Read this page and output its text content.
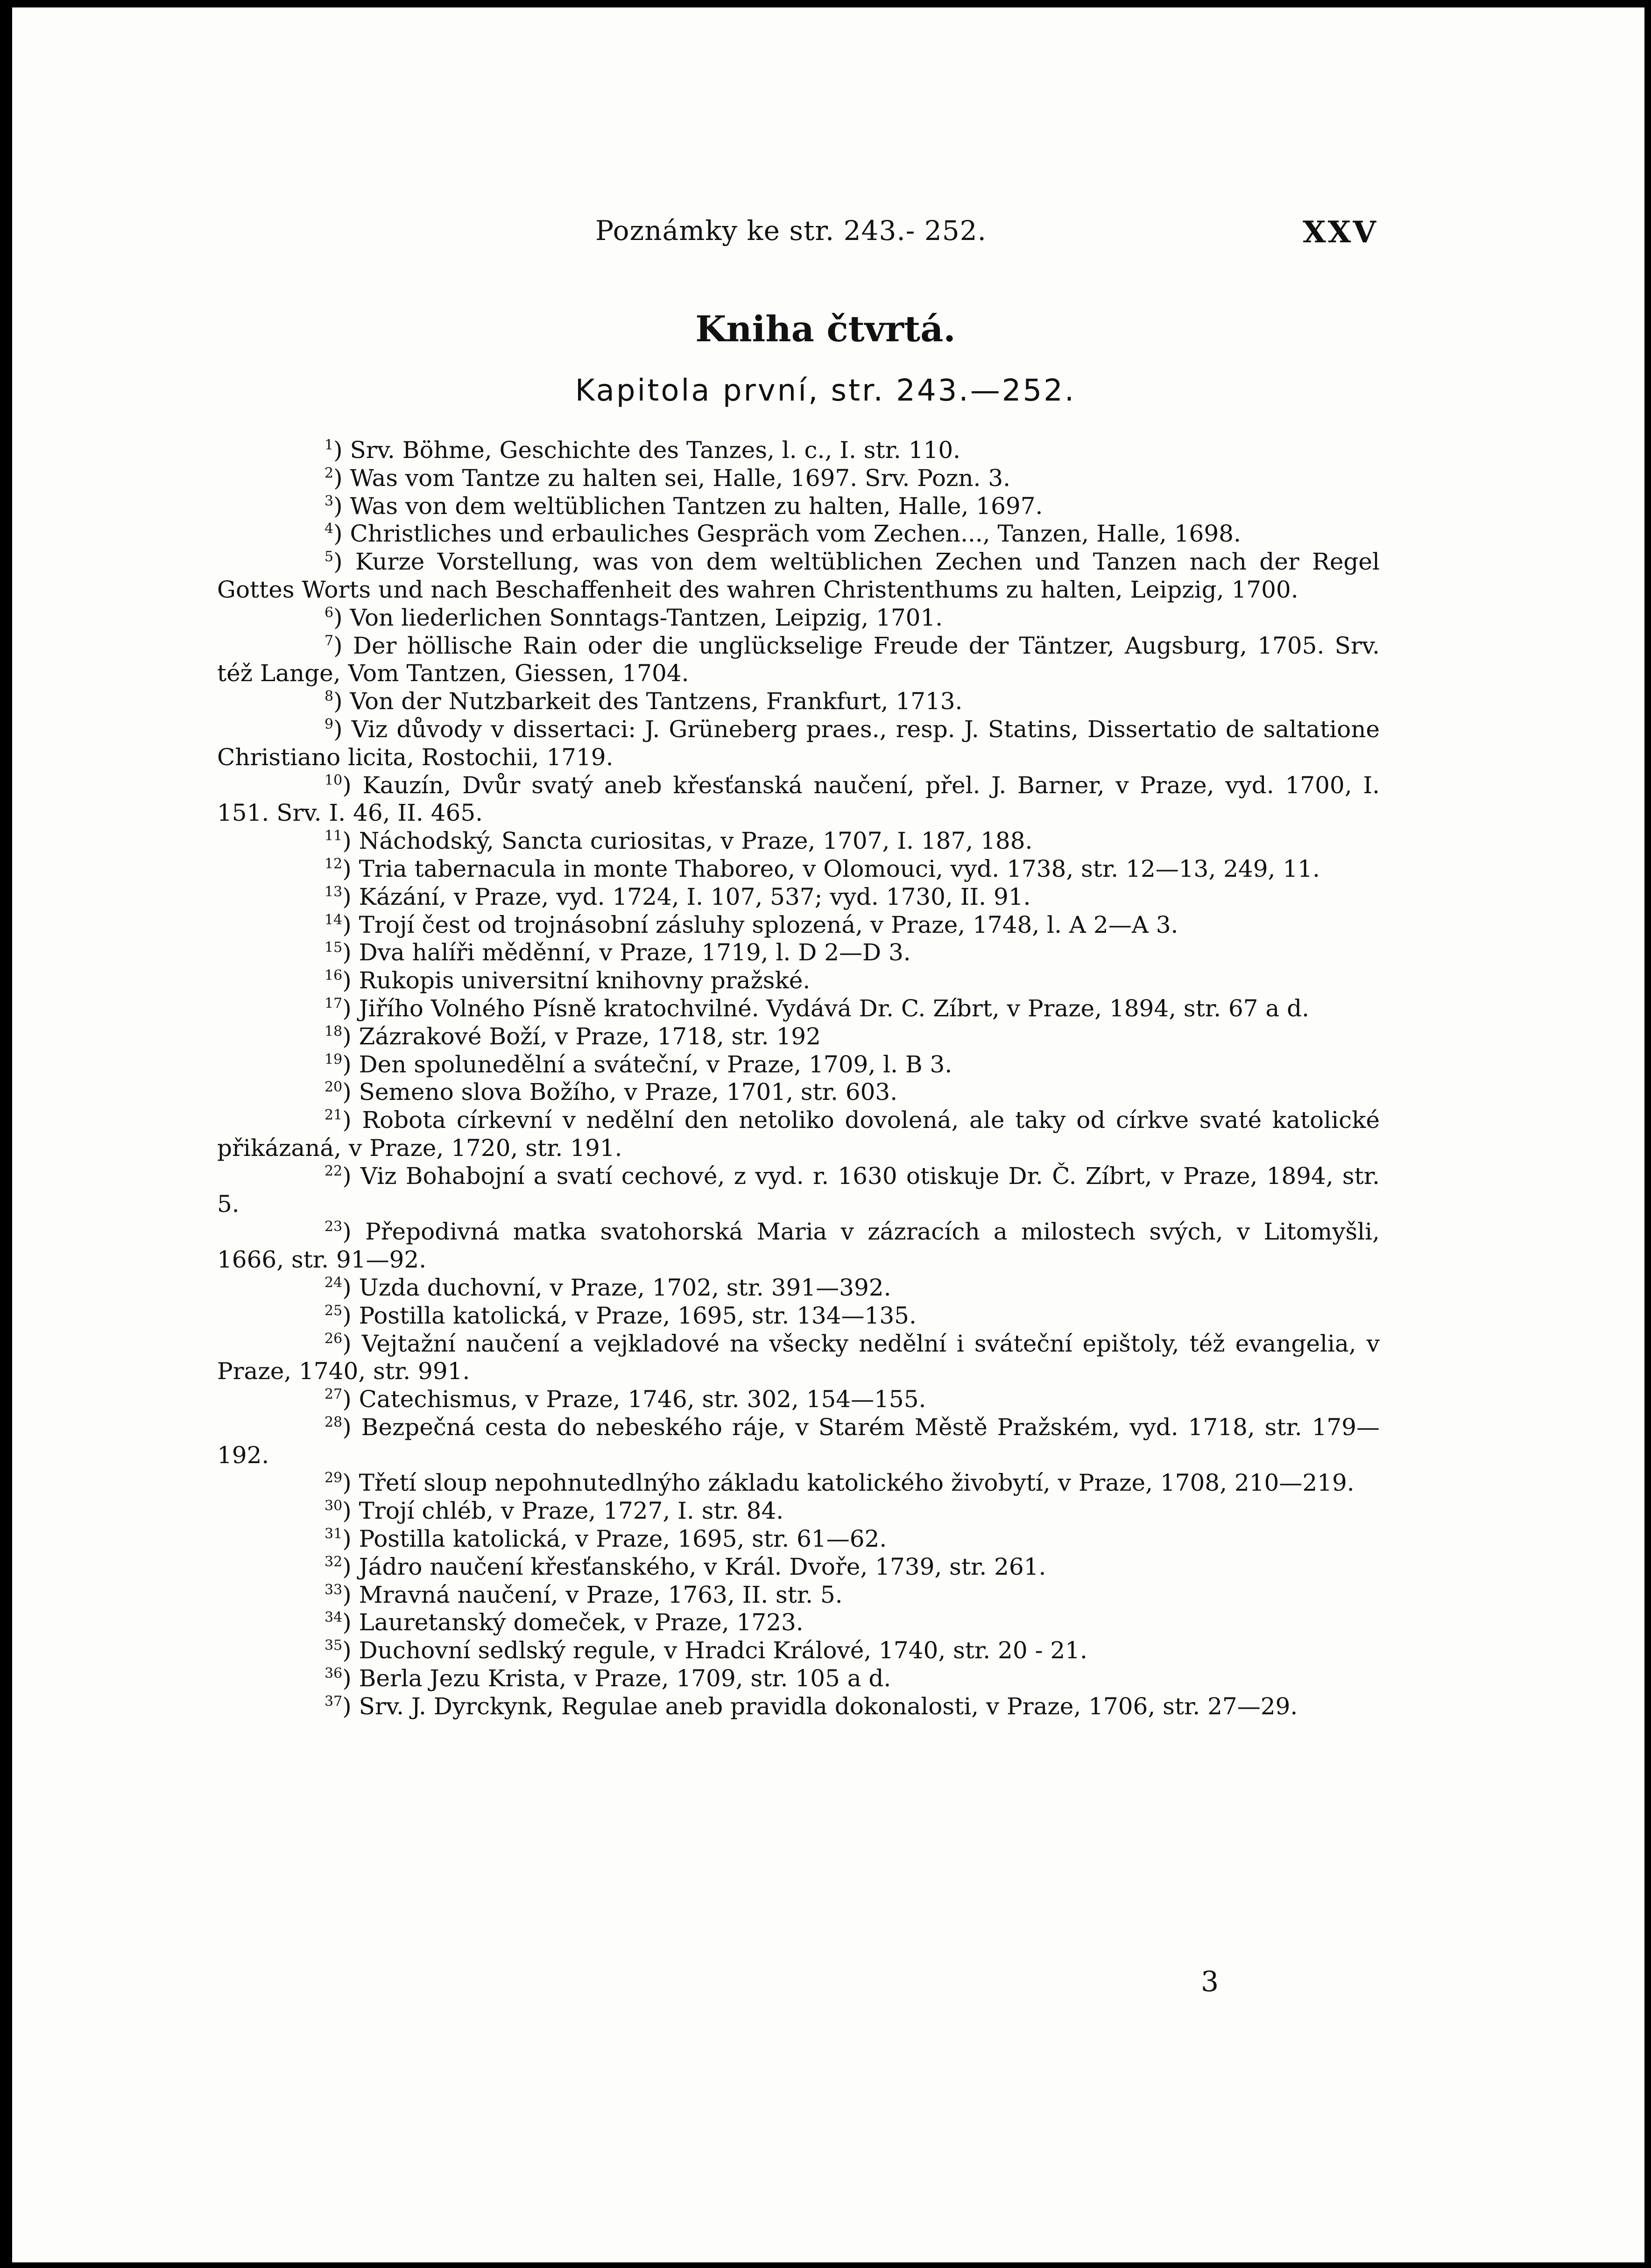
Poznámky ke str. 243.- 252.	XXV
Kniha čtvrtá.
Kapitola první, str. 243.—252.

$^1$) Srv. Böhme, Geschichte des Tanzes, l. c., I. str. 110.

$^2$) Was vom Tantze zu halten sei, Halle, 1697. Srv. Pozn. 3.

$^3$) Was von dem weltüblichen Tantzen zu halten, Halle, 1697.

$^4$) Christliches und erbauliches Gespräch vom Zechen..., Tanzen, Halle, 1698.

$^5$) Kurze Vorstellung, was von dem weltüblichen Zechen und Tanzen nach der Regel Gottes Worts und nach Beschaffenheit des wahren Christenthums zu halten, Leipzig, 1700.

$^6$) Von liederlichen Sonntags-Tantzen, Leipzig, 1701.

$^7$) Der höllische Rain oder die unglückselige Freude der Täntzer, Augsburg, 1705. Srv. též Lange, Vom Tantzen, Giessen, 1704.

$^8$) Von der Nutzbarkeit des Tantzens, Frankfurt, 1713.

$^9$) Viz důvody v dissertaci: J. Grüneberg praes., resp. J. Statins, Dissertatio de saltatione Christiano licita, Rostochii, 1719.

$^{10}$) Kauzín, Dvůr svatý aneb křesťanská naučení, přel. J. Barner, v Praze, vyd. 1700, I. 151. Srv. I. 46, II. 465.

$^{11}$) Náchodský, Sancta curiositas, v Praze, 1707, I. 187, 188.

$^{12}$) Tria tabernacula in monte Thaboreo, v Olomouci, vyd. 1738, str. 12—13, 249, 11.

$^{13}$) Kázání, v Praze, vyd. 1724, I. 107, 537; vyd. 1730, II. 91.

$^{14}$) Trojí čest od trojnásobní zásluhy splozená, v Praze, 1748, l. A 2—A 3.

$^{15}$) Dva halíři měděnní, v Praze, 1719, l. D 2—D 3.

$^{16}$) Rukopis universitní knihovny pražské.

$^{17}$) Jiřího Volného Písně kratochvilné. Vydává Dr. C. Zíbrt, v Praze, 1894, str. 67 a d.

$^{18}$) Zázrakové Boží, v Praze, 1718, str. 192

$^{19}$) Den spolunedělní a sváteční, v Praze, 1709, l. B 3.

$^{20}$) Semeno slova Božího, v Praze, 1701, str. 603.

$^{21}$) Robota církevní v nedělní den netoliko dovolená, ale taky od církve svaté katolické přikázaná, v Praze, 1720, str. 191.

$^{22}$) Viz Bohabojní a svatí cechové, z vyd. r. 1630 otiskuje Dr. Č. Zíbrt, v Praze, 1894, str. 5.

$^{23}$) Přepodivná matka svatohorská Maria v zázracích a milostech svých, v Litomyšli, 1666, str. 91—92.

$^{24}$) Uzda duchovní, v Praze, 1702, str. 391—392.

$^{25}$) Postilla katolická, v Praze, 1695, str. 134—135.

$^{26}$) Vejtažní naučení a vejkladové na všecky nedělní i sváteční epištoly, též evangelia, v Praze, 1740, str. 991.

$^{27}$) Catechismus, v Praze, 1746, str. 302, 154—155.

$^{28}$) Bezpečná cesta do nebeského ráje, v Starém Městě Pražském, vyd. 1718, str. 179—192.

$^{29}$) Třetí sloup nepohnutedlnýho základu katolického živobytí, v Praze, 1708, 210—219.

$^{30}$) Trojí chléb, v Praze, 1727, I. str. 84.

$^{31}$) Postilla katolická, v Praze, 1695, str. 61—62.

$^{32}$) Jádro naučení křesťanského, v Král. Dvoře, 1739, str. 261.

$^{33}$) Mravná naučení, v Praze, 1763, II. str. 5.

$^{34}$) Lauretanský domeček, v Praze, 1723.

$^{35}$) Duchovní sedlský regule, v Hradci Králové, 1740, str. 20 - 21.

$^{36}$) Berla Jezu Krista, v Praze, 1709, str. 105 a d.

$^{37}$) Srv. J. Dyrckynk, Regulae aneb pravidla dokonalosti, v Praze, 1706, str. 27—29.

3
